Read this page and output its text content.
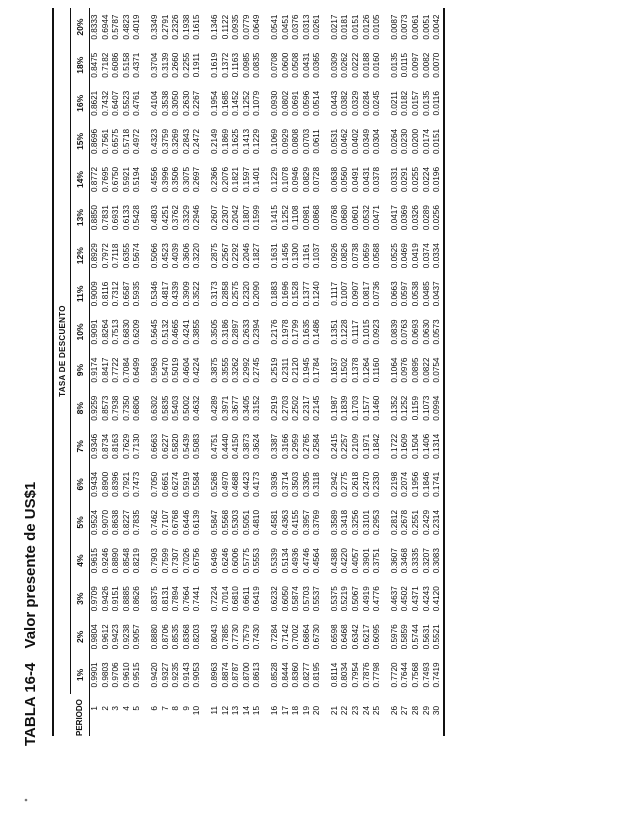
TABLA 16-4 Valor presente de US$1
	TASA DE DESCUENTO																	
PERIODO	1%	2%	3%	4%	5%	6%	7%	8%	9%	10%	11%	12%	13%	14%	15%	16%	18%	20%
1	0.9901	0.9804	0.9709	0.9615	0.9524	0.9434	0.9346	0.9259	0.9174	0.9091	0.9009	0.8929	0.8850	0.8772	0.8696	0.8621	0.8475	0.8333
2	0.9803	0.9612	0.9426	0.9246	0.9070	0.8900	0.8734	0.8573	0.8417	0.8264	0.8116	0.7972	0.7831	0.7695	0.7561	0.7432	0.7182	0.6944
3	0.9706	0.9423	0.9151	0.8890	0.8638	0.8396	0.8163	0.7938	0.7722	0.7513	0.7312	0.7118	0.6931	0.6750	0.6575	0.6407	0.6086	0.5787
4	0.9610	0.9238	0.8885	0.8548	0.8227	0.7921	0.7629	0.7350	0.7084	0.6830	0.6587	0.6355	0.6133	0.5921	0.5718	0.5523	0.5158	0.4823
5	0.9515	0.9057	0.8626	0.8219	0.7835	0.7473	0.7130	0.6806	0.6499	0.6209	0.5935	0.5674	0.5428	0.5194	0.4972	0.4761	0.4371	0.4019

6	0.9420	0.8880	0.8375	0.7903	0.7462	0.7050	0.6663	0.6302	0.5963	0.5645	0.5346	0.5066	0.4803	0.4556	0.4323	0.4104	0.3704	0.3349
7	0.9327	0.8706	0.8131	0.7599	0.7107	0.6651	0.6227	0.5835	0.5470	0.5132	0.4817	0.4523	0.4251	0.3996	0.3759	0.3538	0.3139	0.2791
8	0.9235	0.8535	0.7894	0.7307	0.6768	0.6274	0.5820	0.5403	0.5019	0.4665	0.4339	0.4039	0.3762	0.3506	0.3269	0.3050	0.2660	0.2326
9	0.9143	0.8368	0.7664	0.7026	0.6446	0.5919	0.5439	0.5002	0.4604	0.4241	0.3909	0.3606	0.3329	0.3075	0.2843	0.2630	0.2255	0.1938
10	0.9053	0.8203	0.7441	0.6756	0.6139	0.5584	0.5083	0.4632	0.4224	0.3855	0.3522	0.3220	0.2946	0.2697	0.2472	0.2267	0.1911	0.1615

11	0.8963	0.8043	0.7224	0.6496	0.5847	0.5268	0.4751	0.4289	0.3875	0.3505	0.3173	0.2875	0.2607	0.2366	0.2149	0.1954	0.1619	0.1346
12	0.8874	0.7885	0.7014	0.6246	0.5568	0.4970	0.4440	0.3971	0.3555	0.3186	0.2858	0.2567	0.2307	0.2076	0.1869	0.1685	0.1372	0.1122
13	0.8787	0.7730	0.6810	0.6006	0.5303	0.4688	0.4150	0.3677	0.3262	0.2897	0.2575	0.2292	0.2042	0.1821	0.1625	0.1452	0.1163	0.0935
14	0.8700	0.7579	0.6611	0.5775	0.5051	0.4423	0.3873	0.3405	0.2992	0.2633	0.2320	0.2046	0.1807	0.1597	0.1413	0.1252	0.0985	0.0779
15	0.8613	0.7430	0.6419	0.5553	0.4810	0.4173	0.3624	0.3152	0.2745	0.2394	0.2090	0.1827	0.1599	0.1401	0.1229	0.1079	0.0835	0.0649

16	0.8528	0.7284	0.6232	0.5339	0.4581	0.3936	0.3387	0.2919	0.2519	0.2176	0.1883	0.1631	0.1415	0.1229	0.1069	0.0930	0.0708	0.0541
17	0.8444	0.7142	0.6050	0.5134	0.4363	0.3714	0.3166	0.2703	0.2311	0.1978	0.1696	0.1456	0.1252	0.1078	0.0929	0.0802	0.0600	0.0451
18	0.8360	0.7002	0.5874	0.4936	0.4155	0.3503	0.2959	0.2502	0.2120	0.1799	0.1528	0.1300	0.1108	0.0946	0.0808	0.0691	0.0508	0.0376
19	0.8277	0.6864	0.5703	0.4746	0.3957	0.3305	0.2765	0.2317	0.1945	0.1635	0.1377	0.1161	0.0981	0.0829	0.0703	0.0596	0.0431	0.0313
20	0.8195	0.6730	0.5537	0.4564	0.3769	0.3118	0.2584	0.2145	0.1784	0.1486	0.1240	0.1037	0.0868	0.0728	0.0611	0.0514	0.0365	0.0261

21	0.8114	0.6598	0.5375	0.4388	0.3589	0.2942	0.2415	0.1987	0.1637	0.1351	0.1117	0.0926	0.0768	0.0638	0.0531	0.0443	0.0309	0.0217
22	0.8034	0.6468	0.5219	0.4220	0.3418	0.2775	0.2257	0.1839	0.1502	0.1228	0.1007	0.0826	0.0680	0.0560	0.0462	0.0382	0.0262	0.0181
23	0.7954	0.6342	0.5067	0.4057	0.3256	0.2618	0.2109	0.1703	0.1378	0.1117	0.0907	0.0738	0.0601	0.0491	0.0402	0.0329	0.0222	0.0151
24	0.7876	0.6217	0.4919	0.3901	0.3101	0.2470	0.1971	0.1577	0.1264	0.1015	0.0817	0.0659	0.0532	0.0431	0.0349	0.0284	0.0188	0.0126
25	0.7798	0.6095	0.4776	0.3751	0.2953	0.2330	0.1842	0.1460	0.1160	0.0923	0.0736	0.0588	0.0471	0.0378	0.0304	0.0245	0.0160	0.0105

26	0.7720	0.5976	0.4637	0.3607	0.2812	0.2198	0.1722	0.1352	0.1064	0.0839	0.0663	0.0525	0.0417	0.0331	0.0264	0.0211	0.0135	0.0087
27	0.7644	0.5859	0.4502	0.3468	0.2678	0.2074	0.1609	0.1252	0.0976	0.0763	0.0597	0.0469	0.0369	0.0291	0.0230	0.0182	0.0115	0.0073
28	0.7568	0.5744	0.4371	0.3335	0.2551	0.1956	0.1504	0.1159	0.0895	0.0693	0.0538	0.0419	0.0326	0.0255	0.0200	0.0157	0.0097	0.0061
29	0.7493	0.5631	0.4243	0.3207	0.2429	0.1846	0.1406	0.1073	0.0822	0.0630	0.0485	0.0374	0.0289	0.0224	0.0174	0.0135	0.0082	0.0051
30	0.7419	0.5521	0.4120	0.3083	0.2314	0.1741	0.1314	0.0994	0.0754	0.0573	0.0437	0.0334	0.0256	0.0196	0.0151	0.0116	0.0070	0.0042
